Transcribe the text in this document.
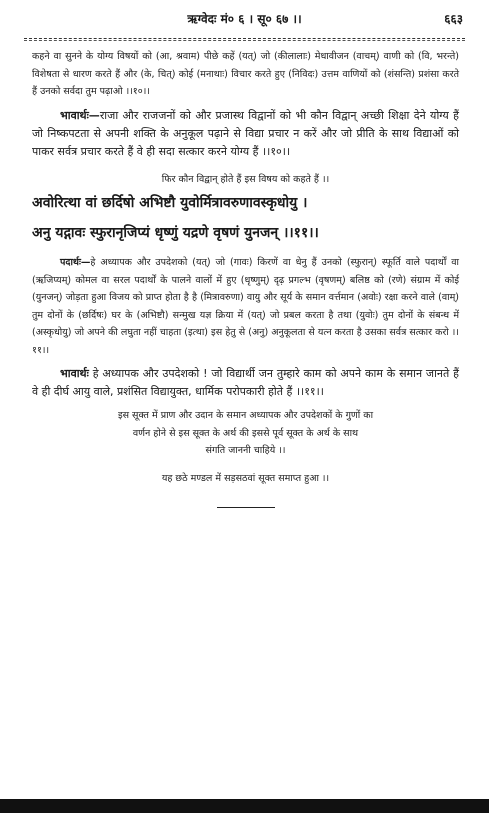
ऋग्वेदः मं० ६ । सू० ६७ ।।	६६३

कहने वा सुनने के योग्य विषयों को (आ, श्रवाम) पीछे कहें (यत्) जो (कीलालाः) मेधावीजन (वाचम्) वाणी को (वि, भरन्ते) विशेषता से धारण करते हैं और (के, चित्) कोई (मनाथाः) विचार करते हुए (निविदः) उत्तम वाणियों को (शंसन्ति) प्रशंसा करते हैं उनको सर्वदा तुम पढ़ाओ ।।१०।।

भावार्थः—राजा और राजजनों को और प्रजास्थ विद्वानों को भी कौन विद्वान् अच्छी शिक्षा देने योग्य हैं जो निष्कपटता से अपनी शक्ति के अनुकूल पढ़ाने से विद्या प्रचार न करें और जो प्रीति के साथ विद्याओं को पाकर सर्वत्र प्रचार करते हैं वे ही सदा सत्कार करने योग्य हैं ।।१०।।

फिर कौन विद्वान् होते हैं इस विषय को कहते हैं ।।

अवोरित्था वां छर्दिषो अभिष्टौ युवोर्मित्रावरुणावस्कृधोयु ।

अनु यद्गावः स्फुरानृजिप्यं धृष्णुं यद्रणे वृषणं युनजन् ।।११।।

पदार्थः—हे अध्यापक और उपदेशको (यत्) जो (गावः) किरणें वा धेनु हैं उनको (स्फुरान्) स्फूर्ति वाले पदार्थों वा (ऋजिप्यम्) कोमल वा सरल पदार्थों के पालने वालों में हुए (धृष्णुम्) दृढ़ प्रगल्भ (वृषणम्) बलिष्ठ को (रणे) संग्राम में कोई (युनजन्) जोड़ता हुआ विजय को प्राप्त होता है है (मित्रावरुणा) वायु और सूर्य के समान वर्त्तमान (अवोः) रक्षा करने वाले (वाम्) तुम दोनों के (छर्दिषः) घर के (अभिष्टौ) सन्मुख यज्ञ क्रिया में (यत्) जो प्रबल करता है तथा (युवोः) तुम दोनों के संबन्ध में (अस्कृधोयु) जो अपने की लघुता नहीं चाहता (इत्था) इस हेतु से (अनु) अनुकूलता से यत्न करता है उसका सर्वत्र सत्कार करो ।।११।।

भावार्थः हे अध्यापक और उपदेशको ! जो विद्यार्थी जन तुम्हारे काम को अपने काम के समान जानते हैं वे ही दीर्घ आयु वाले, प्रशंसित विद्यायुक्त, धार्मिक परोपकारी होते हैं ।।११।।

इस सूक्त में प्राण और उदान के समान अध्यापक और उपदेशकों के गुणों का

वर्णन होने से इस सूक्त के अर्थ की इससे पूर्व सूक्त के अर्थ के साथ

संगति जाननी चाहिये ।।

यह छठे मण्डल में सड़सठवां सूक्त समाप्त हुआ ।।
